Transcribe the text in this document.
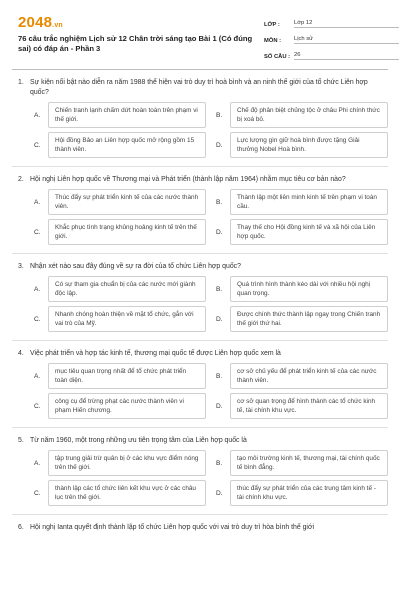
2048.vn
76 câu trắc nghiệm Lịch sử 12 Chân trời sáng tạo Bài 1 (Có đúng sai) có đáp án - Phần 3
LỚP :	Lớp 12
MÔN :	Lịch sử
SỐ CÂU : 26
1 .	Sự kiện nổi bật nào diễn ra năm 1988 thể hiện vai trò duy trì hoà bình và an ninh thế giới của tổ chức Liên hợp quốc?
A.
Chiến tranh lạnh chấm dứt hoàn toàn trên phạm vi thế giới.
B.
Chế độ phân biệt chủng tộc ở châu Phi chính thức bị xoá bỏ.
C.
Hội đồng Bảo an Liên hợp quốc mở rộng gồm 15 thành viên.
D.
Lực lượng gìn giữ hoà bình được tặng Giải thưởng Nobel Hoà bình.
2 .	Hội nghị Liên hợp quốc về Thương mại và Phát triển (thành lập năm 1964) nhằm mục tiêu cơ bản nào?
A.
Thúc đẩy sự phát triển kinh tế của các nước thành viên.
B.
Thành lập một liên minh kinh tế trên phạm vi toàn cầu.
C.
Khắc phục tình trạng khủng hoảng kinh tế trên thế giới.
D.
Thay thế cho Hội đồng kinh tế và xã hội của Liên hợp quốc.
3 .	Nhận xét nào sau đây đúng về sự ra đời của tổ chức Liên hợp quốc?
A.
Có sự tham gia chuẩn bị của các nước mới giành độc lập.
B.
Quá trình hình thành kéo dài với nhiều hội nghị quan trọng.
C.
Nhanh chóng hoàn thiện về mặt tổ chức, gắn với vai trò của Mỹ.
D.
Được chính thức thành lập ngay trong Chiến tranh thế giới thứ hai.
4 .	Việc phát triển và hợp tác kinh tế, thương mại quốc tế được Liên hợp quốc xem là
A.
mục tiêu quan trọng nhất để tổ chức phát triển toàn diện.
B.
cơ sở chủ yếu để phát triển kinh tế của các nước thành viên.
C.
công cụ để trừng phạt các nước thành viên vi phạm Hiến chương.
D.
cơ sở quan trọng để hình thành các tổ chức kinh tế, tài chính khu vực.
5 .	Từ năm 1960, một trong những ưu tiên trọng tâm của Liên hợp quốc là
A.
tập trung giải trừ quân bị ở các khu vực điểm nóng trên thế giới.
B.
tạo môi trường kinh tế, thương mại, tài chính quốc tế bình đẳng.
C.
thành lập các tổ chức liên kết khu vực ở các châu lục trên thế giới.
D.
thúc đẩy sự phát triển của các trung tâm kinh tế - tài chính khu vực.
6 .	Hội nghị Ianta quyết định thành lập tổ chức Liên hợp quốc với vai trò duy trì hòa bình thế giới
